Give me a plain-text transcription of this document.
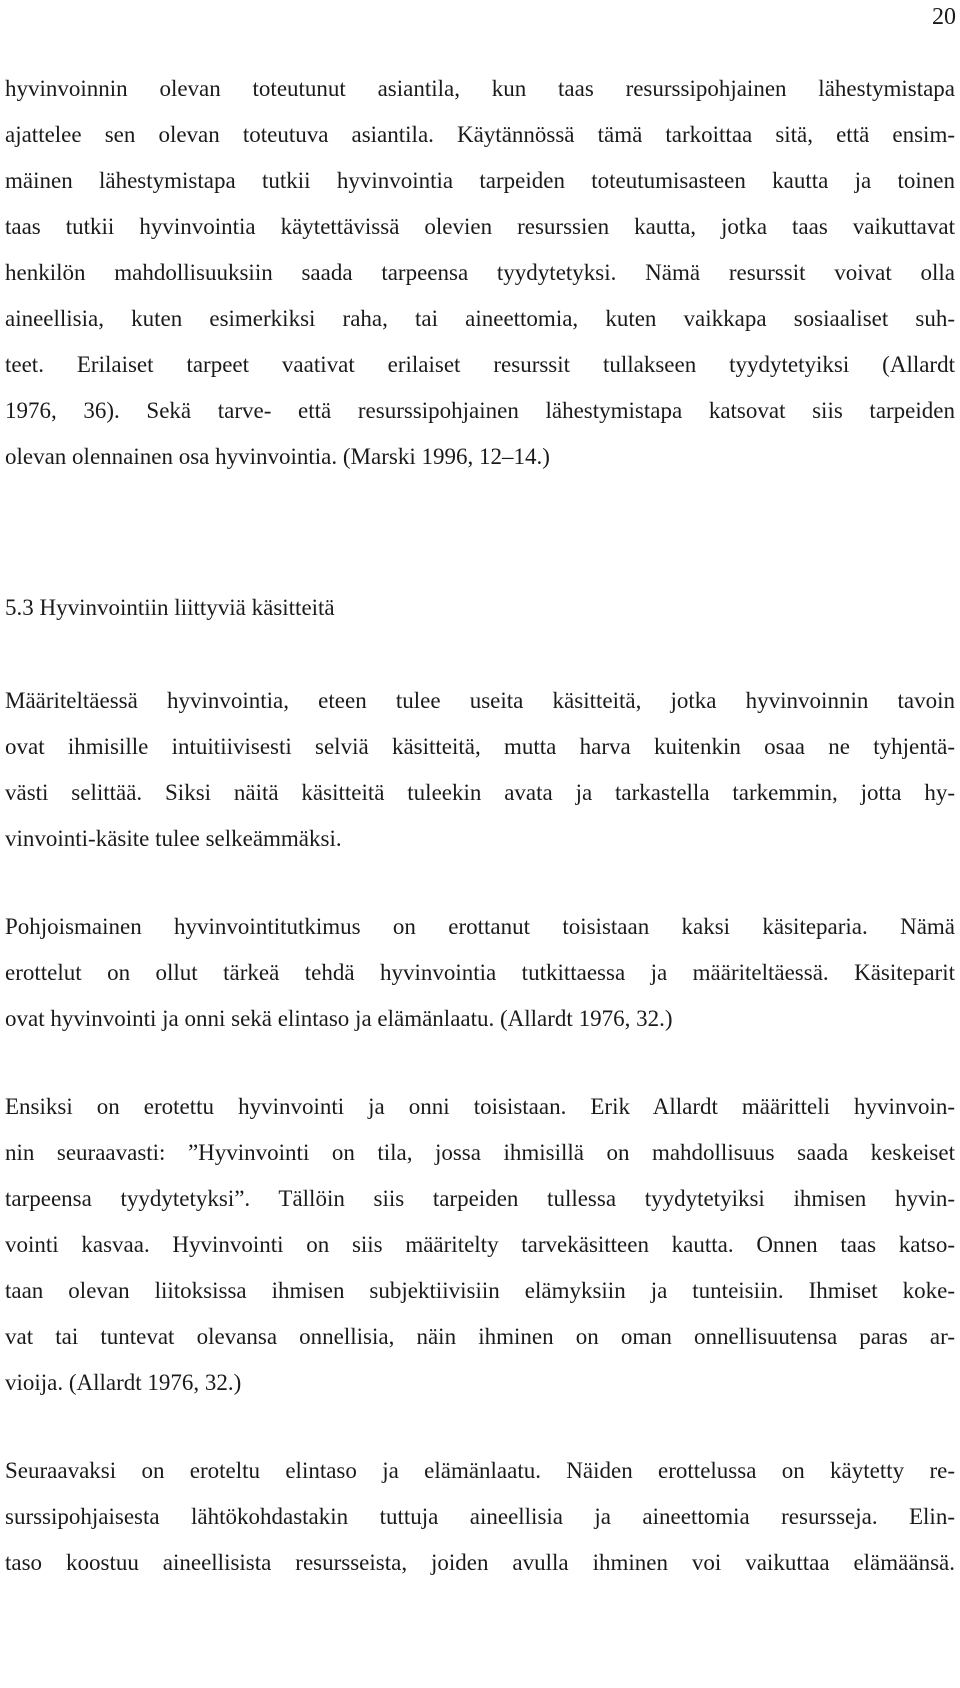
20

hyvinvoinnin olevan toteutunut asiantila, kun taas resurssipohjainen lähestymistapa

ajattelee sen olevan toteutuva asiantila. Käytännössä tämä tarkoittaa sitä, että ensim-

mäinen lähestymistapa tutkii hyvinvointia tarpeiden toteutumisasteen kautta ja toinen

taas tutkii hyvinvointia käytettävissä olevien resurssien kautta, jotka taas vaikuttavat

henkilön mahdollisuuksiin saada tarpeensa tyydytetyksi. Nämä resurssit voivat olla

aineellisia, kuten esimerkiksi raha, tai aineettomia, kuten vaikkapa sosiaaliset suh-

teet. Erilaiset tarpeet vaativat erilaiset resurssit tullakseen tyydytetyiksi (Allardt

1976, 36). Sekä tarve- että resurssipohjainen lähestymistapa katsovat siis tarpeiden

olevan olennainen osa hyvinvointia. (Marski 1996, 12–14.)

5.3 Hyvinvointiin liittyviä käsitteitä

Määriteltäessä hyvinvointia, eteen tulee useita käsitteitä, jotka hyvinvoinnin tavoin

ovat ihmisille intuitiivisesti selviä käsitteitä, mutta harva kuitenkin osaa ne tyhjentä-

västi selittää. Siksi näitä käsitteitä tuleekin avata ja tarkastella tarkemmin, jotta hy-

vinvointi-käsite tulee selkeämmäksi.

Pohjoismainen hyvinvointitutkimus on erottanut toisistaan kaksi käsiteparia. Nämä

erottelut on ollut tärkeä tehdä hyvinvointia tutkittaessa ja määriteltäessä. Käsiteparit

ovat hyvinvointi ja onni sekä elintaso ja elämänlaatu. (Allardt 1976, 32.)

Ensiksi on erotettu hyvinvointi ja onni toisistaan. Erik Allardt määritteli hyvinvoin-

nin seuraavasti: ”Hyvinvointi on tila, jossa ihmisillä on mahdollisuus saada keskeiset

tarpeensa tyydytetyksi”. Tällöin siis tarpeiden tullessa tyydytetyiksi ihmisen hyvin-

vointi kasvaa. Hyvinvointi on siis määritelty tarvekäsitteen kautta. Onnen taas katso-

taan olevan liitoksissa ihmisen subjektiivisiin elämyksiin ja tunteisiin. Ihmiset koke-

vat tai tuntevat olevansa onnellisia, näin ihminen on oman onnellisuutensa paras ar-

vioija. (Allardt 1976, 32.)

Seuraavaksi on eroteltu elintaso ja elämänlaatu. Näiden erottelussa on käytetty re-

surssipohjaisesta lähtökohdastakin tuttuja aineellisia ja aineettomia resursseja. Elin-

taso koostuu aineellisista resursseista, joiden avulla ihminen voi vaikuttaa elämäänsä.
